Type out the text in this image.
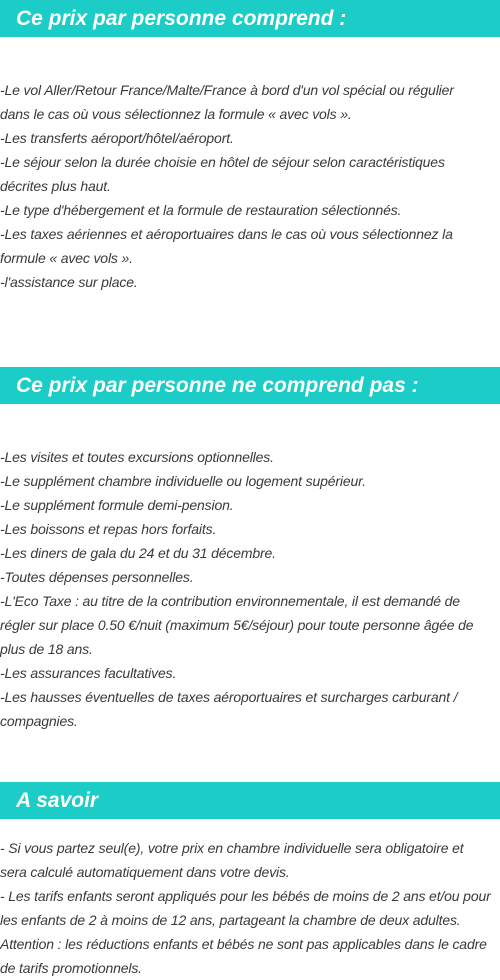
Ce prix par personne comprend :
-Le vol Aller/Retour France/Malte/France à bord d'un vol spécial ou régulier
dans le cas où vous sélectionnez la formule « avec vols ».
-Les transferts aéroport/hôtel/aéroport.
-Le séjour selon la durée choisie en hôtel de séjour selon caractéristiques
décrites plus haut.
-Le type d'hébergement et la formule de restauration sélectionnés.
-Les taxes aériennes et aéroportuaires dans le cas où vous sélectionnez la
formule « avec vols ».
-l'assistance sur place.
Ce prix par personne ne comprend pas :
-Les visites et toutes excursions optionnelles.
-Le supplément chambre individuelle ou logement supérieur.
-Le supplément formule demi-pension.
-Les boissons et repas hors forfaits.
-Les diners de gala du 24 et du 31 décembre.
-Toutes dépenses personnelles.
-L'Eco Taxe : au titre de la contribution environnementale, il est demandé de
régler sur place 0.50 €/nuit (maximum 5€/séjour) pour toute personne âgée de
plus de 18 ans.
-Les assurances facultatives.
-Les hausses éventuelles de taxes aéroportuaires et surcharges carburant /
compagnies.
A savoir
- Si vous partez seul(e), votre prix en chambre individuelle sera obligatoire et
sera calculé automatiquement dans votre devis.
- Les tarifs enfants seront appliqués pour les bébés de moins de 2 ans et/ou pour
les enfants de 2 à moins de 12 ans, partageant la chambre de deux adultes.
Attention : les réductions enfants et bébés ne sont pas applicables dans le cadre
de tarifs promotionnels.
